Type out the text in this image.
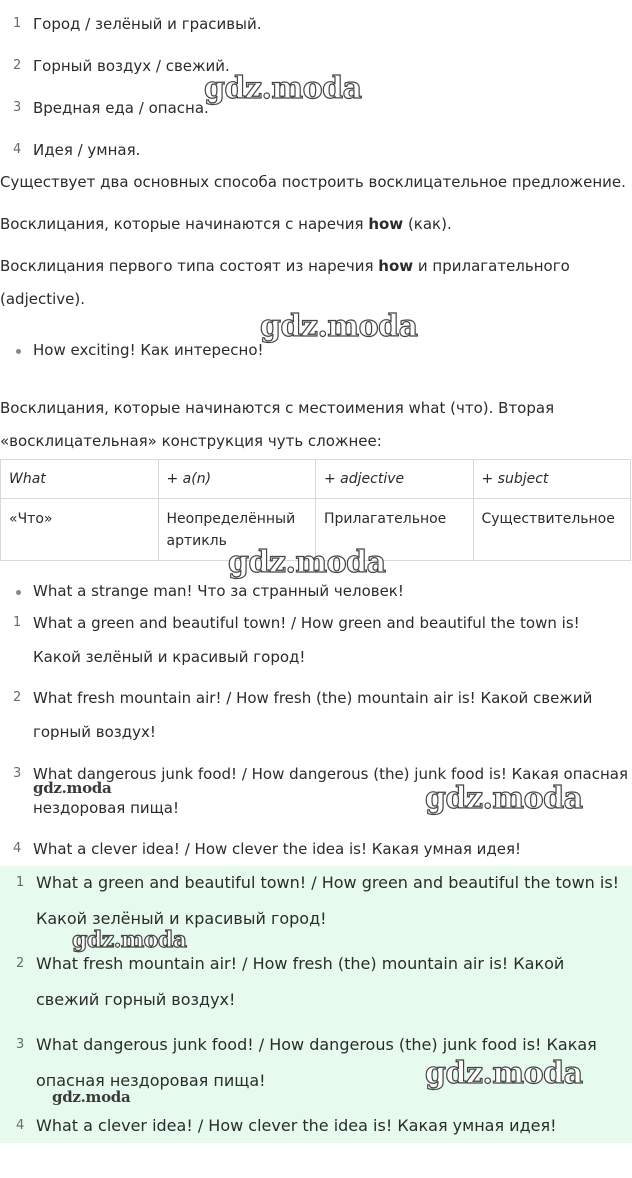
1 Город / зелёный и грасивый.
2 Горный воздух / свежий.
3 Вредная еда / опасна.
4 Идея / умная.

Существует два основных способа построить восклицательное предложение.

Восклицания, которые начинаются с наречия how (как).

Восклицания первого типа состоят из наречия how и прилагательного

(adjective).

How exciting! Как интересно!

Восклицания, которые начинаются с местоимения what (что). Вторая

«восклицательная» конструкция чуть сложнее:

What	+ a(n)	+ adjective	+ subject
«Что»	Неопределённый артикль	Прилагательное	Существительное
What a strange man! Что за странный человек!
1 What a green and beautiful town! / How green and beautiful the town is!
Какой зелёный и красивый город!
2 What fresh mountain air! / How fresh (the) mountain air is! Какой свежий
горный воздух!
3 What dangerous junk food! / How dangerous (the) junk food is! Какая опасная
нездоровая пища!
4 What a clever idea! / How clever the idea is! Какая умная идея!
1 What a green and beautiful town! / How green and beautiful the town is!
Какой зелёный и красивый город!
2 What fresh mountain air! / How fresh (the) mountain air is! Какой
свежий горный воздух!
3 What dangerous junk food! / How dangerous (the) junk food is! Какая
опасная нездоровая пища!
4 What a clever idea! / How clever the idea is! Какая умная идея!
gdz.moda
gdz.moda
gdz.moda
gdz.moda	gdz.moda
gdz.moda
gdz.moda
gdz.moda
